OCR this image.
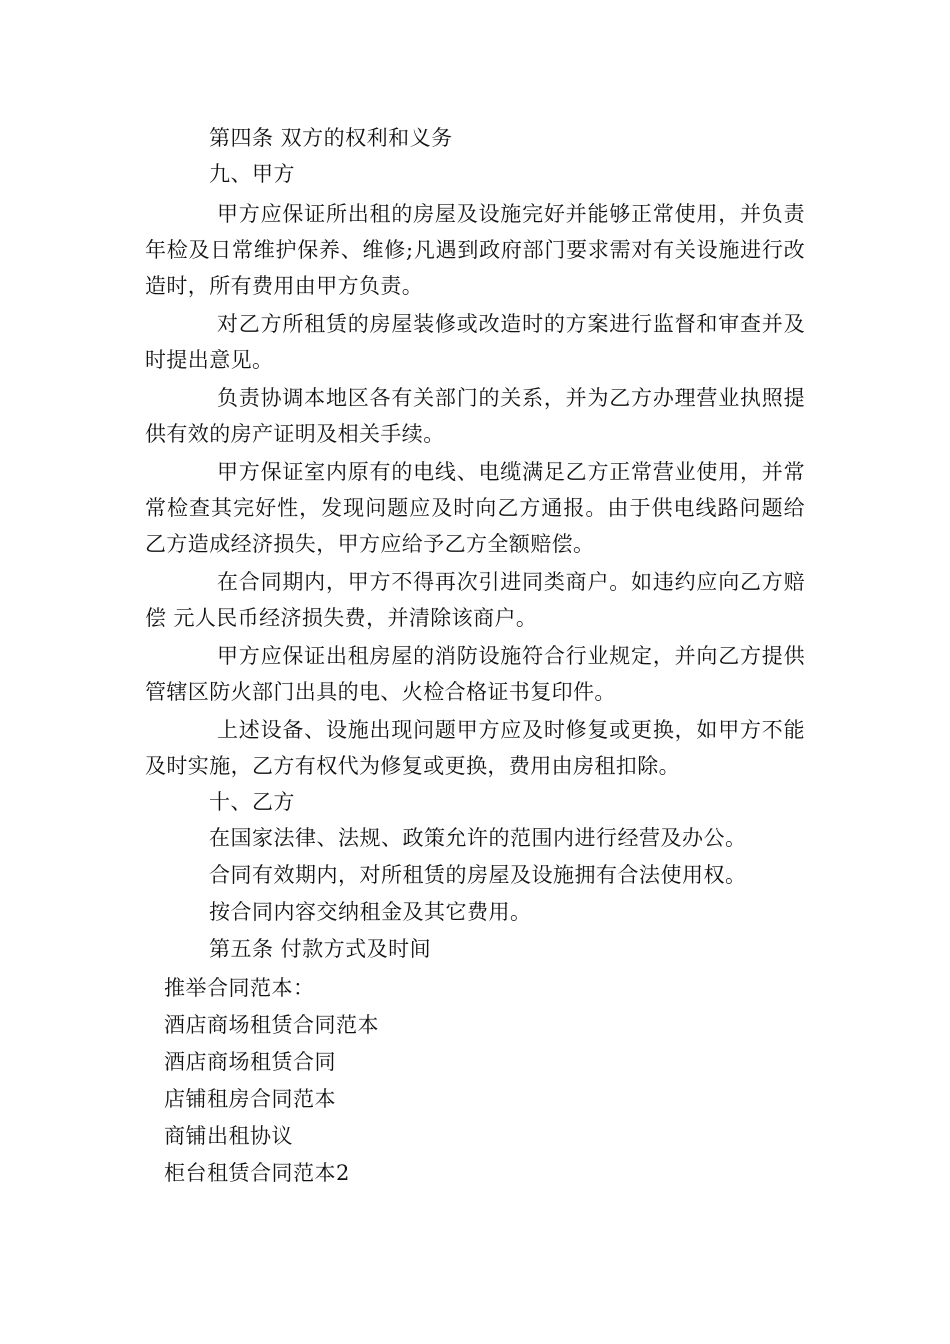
第四条 双方的权利和义务
九、甲方
甲方应保证所出租的房屋及设施完好并能够正常使用，并负责年检及日常维护保养、维修;凡遇到政府部门要求需对有关设施进行改造时，所有费用由甲方负责。
对乙方所租赁的房屋装修或改造时的方案进行监督和审查并及时提出意见。
负责协调本地区各有关部门的关系，并为乙方办理营业执照提供有效的房产证明及相关手续。
甲方保证室内原有的电线、电缆满足乙方正常营业使用，并常常检查其完好性，发现问题应及时向乙方通报。由于供电线路问题给乙方造成经济损失，甲方应给予乙方全额赔偿。
在合同期内，甲方不得再次引进同类商户。如违约应向乙方赔偿 元人民币经济损失费，并清除该商户。
甲方应保证出租房屋的消防设施符合行业规定，并向乙方提供管辖区防火部门出具的电、火检合格证书复印件。
上述设备、设施出现问题甲方应及时修复或更换，如甲方不能及时实施，乙方有权代为修复或更换，费用由房租扣除。
十、乙方
在国家法律、法规、政策允许的范围内进行经营及办公。
合同有效期内，对所租赁的房屋及设施拥有合法使用权。
按合同内容交纳租金及其它费用。
第五条 付款方式及时间
推举合同范本：
酒店商场租赁合同范本
酒店商场租赁合同
店铺租房合同范本
商铺出租协议
柜台租赁合同范本2
